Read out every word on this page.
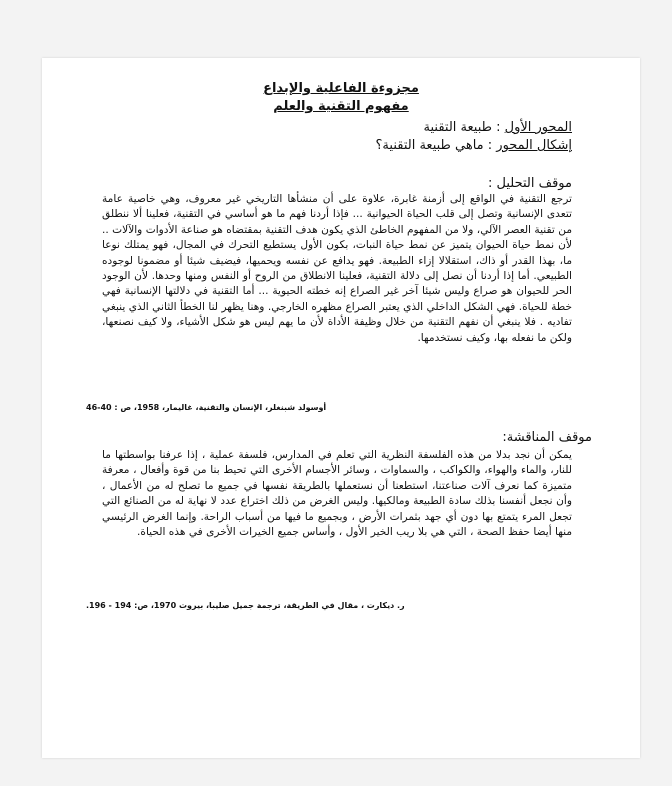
مجزوءة الفاعلية والإبداع
مفهوم التقنية والعلم
المحور الأول : طبيعة التقنية
إشكال المحور : ماهي طبيعة التقنية؟
موقف التحليل :
ترجع التقنية في الواقع إلى أزمنة غابرة، علاوة على أن منشأها التاريخي غير معروف، وهي خاصية عامة تتعدى الإنسانية وتصل إلى قلب الحياة الحيوانية ... فإذا أردنا فهم ما هو أساسي في التقنية، فعلينا ألا ننطلق من تقنية العصر الآلي، ولا من المفهوم الخاطئ الذي يكون هدف التقنية بمقتضاه هو صناعة الأدوات والآلات .. لأن نمط حياة الحيوان يتميز عن نمط حياة النبات، بكون الأول يستطيع التحرك في المجال، فهو يمتلك نوعا ما، بهذا القدر أو ذاك، استقلالا إزاء الطبيعة. فهو يدافع عن نفسه ويحميها، فيضيف شيئا أو مضمونا لوجوده الطبيعي. أما إذا أردنا أن نصل إلى دلالة التقنية، فعلينا الانطلاق من الروح أو النفس ومنها وحدها. لأن الوجود الحر للحيوان هو صراع وليس شيئا آخر غير الصراع إنه خطته الحيوية ... أما التقنية في دلالتها الإنسانية فهي خطة للحياة. فهي الشكل الداخلي الذي يعتبر الصراع مظهره الخارجي. وهنا يظهر لنا الخطأ الثاني الذي ينبغي تفاديه . فلا ينبغي أن نفهم التقنية من خلال وظيفة الأداة لأن ما يهم ليس هو شكل الأشياء، ولا كيف نصنعها، ولكن ما نفعله بها، وكيف نستخدمها.
أوسولد شبنغلر، الإنسان والتقنية، غاليمار، 1958، ص : 40-46
موقف المناقشة:
يمكن أن نجد بدلا من هذه الفلسفة النظرية التي تعلم في المدارس، فلسفة عملية ، إذا عرفنا بواسطتها ما للنار، والماء والهواء، والكواكب ، والسماوات ، وسائر الأجسام الأخرى التي تحيط بنا من قوة وأفعال ، معرفة متميزة كما نعرف آلات صناعتنا، استطعنا أن نستعملها بالطريقة نفسها في جميع ما تصلح له من الأعمال ، وأن نجعل أنفسنا بذلك سادة الطبيعة ومالكيها. وليس الغرض من ذلك اختراع عدد لا نهاية له من الصنائع التي تجعل المرء يتمتع بها دون أي جهد بثمرات الأرض ، وبجميع ما فيها من أسباب الراحة. وإنما الغرض الرئيسي منها أيضا حفظ الصحة ، التي هي بلا ريب الخير الأول ، وأساس جميع الخيرات الأخرى في هذه الحياة.
ر. ديكارت ، مقال في الطريقة، ترجمة جميل صليبا، بيروت 1970، ص: 194 - 196.
